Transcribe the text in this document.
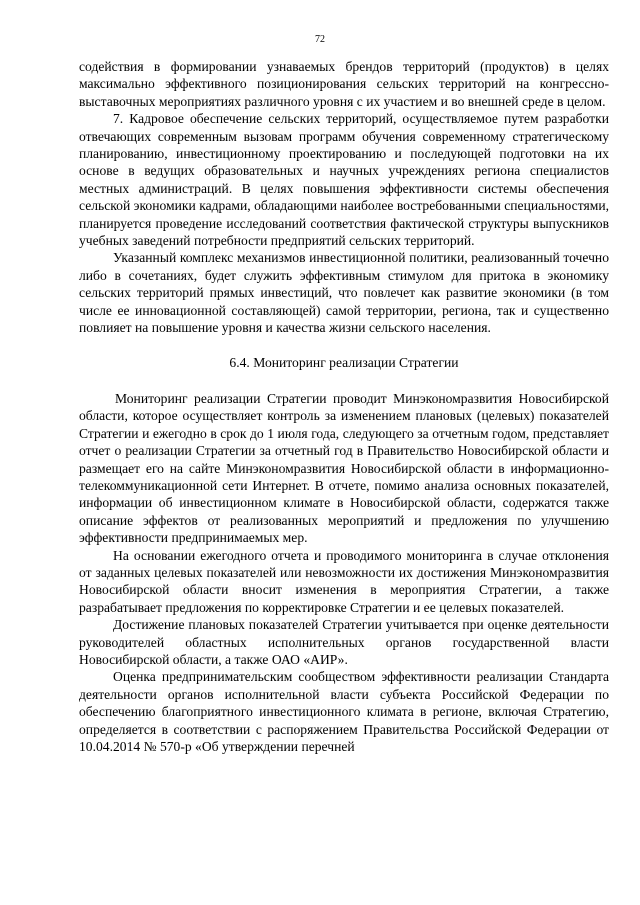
72

содействия в формировании узнаваемых брендов территорий (продуктов) в целях максимально эффективного позиционирования сельских территорий на конгрессно-выставочных мероприятиях различного уровня с их участием и во внешней среде в целом.

7. Кадровое обеспечение сельских территорий, осуществляемое путем разработки отвечающих современным вызовам программ обучения современному стратегическому планированию, инвестиционному проектированию и последующей подготовки на их основе в ведущих образовательных и научных учреждениях региона специалистов местных администраций. В целях повышения эффективности системы обеспечения сельской экономики кадрами, обладающими наиболее востребованными специальностями, планируется проведение исследований соответствия фактической структуры выпускников учебных заведений потребности предприятий сельских территорий.

Указанный комплекс механизмов инвестиционной политики, реализованный точечно либо в сочетаниях, будет служить эффективным стимулом для притока в экономику сельских территорий прямых инвестиций, что повлечет как развитие экономики (в том числе ее инновационной составляющей) самой территории, региона, так и существенно повлияет на повышение уровня и качества жизни сельского населения.

6.4. Мониторинг реализации Стратегии

Мониторинг реализации Стратегии проводит Минэкономразвития Новосибирской области, которое осуществляет контроль за изменением плановых (целевых) показателей Стратегии и ежегодно в срок до 1 июля года, следующего за отчетным годом, представляет отчет о реализации Стратегии за отчетный год в Правительство Новосибирской области и размещает его на сайте Минэкономразвития Новосибирской области в информационно-телекоммуникационной сети Интернет. В отчете, помимо анализа основных показателей, информации об инвестиционном климате в Новосибирской области, содержатся также описание эффектов от реализованных мероприятий и предложения по улучшению эффективности предпринимаемых мер.

На основании ежегодного отчета и проводимого мониторинга в случае отклонения от заданных целевых показателей или невозможности их достижения Минэкономразвития Новосибирской области вносит изменения в мероприятия Стратегии, а также разрабатывает предложения по корректировке Стратегии и ее целевых показателей.

Достижение плановых показателей Стратегии учитывается при оценке деятельности руководителей областных исполнительных органов государственной власти Новосибирской области, а также ОАО «АИР».

Оценка предпринимательским сообществом эффективности реализации Стандарта деятельности органов исполнительной власти субъекта Российской Федерации по обеспечению благоприятного инвестиционного климата в регионе, включая Стратегию, определяется в соответствии с распоряжением Правительства Российской Федерации от 10.04.2014 № 570-р «Об утверждении перечней
